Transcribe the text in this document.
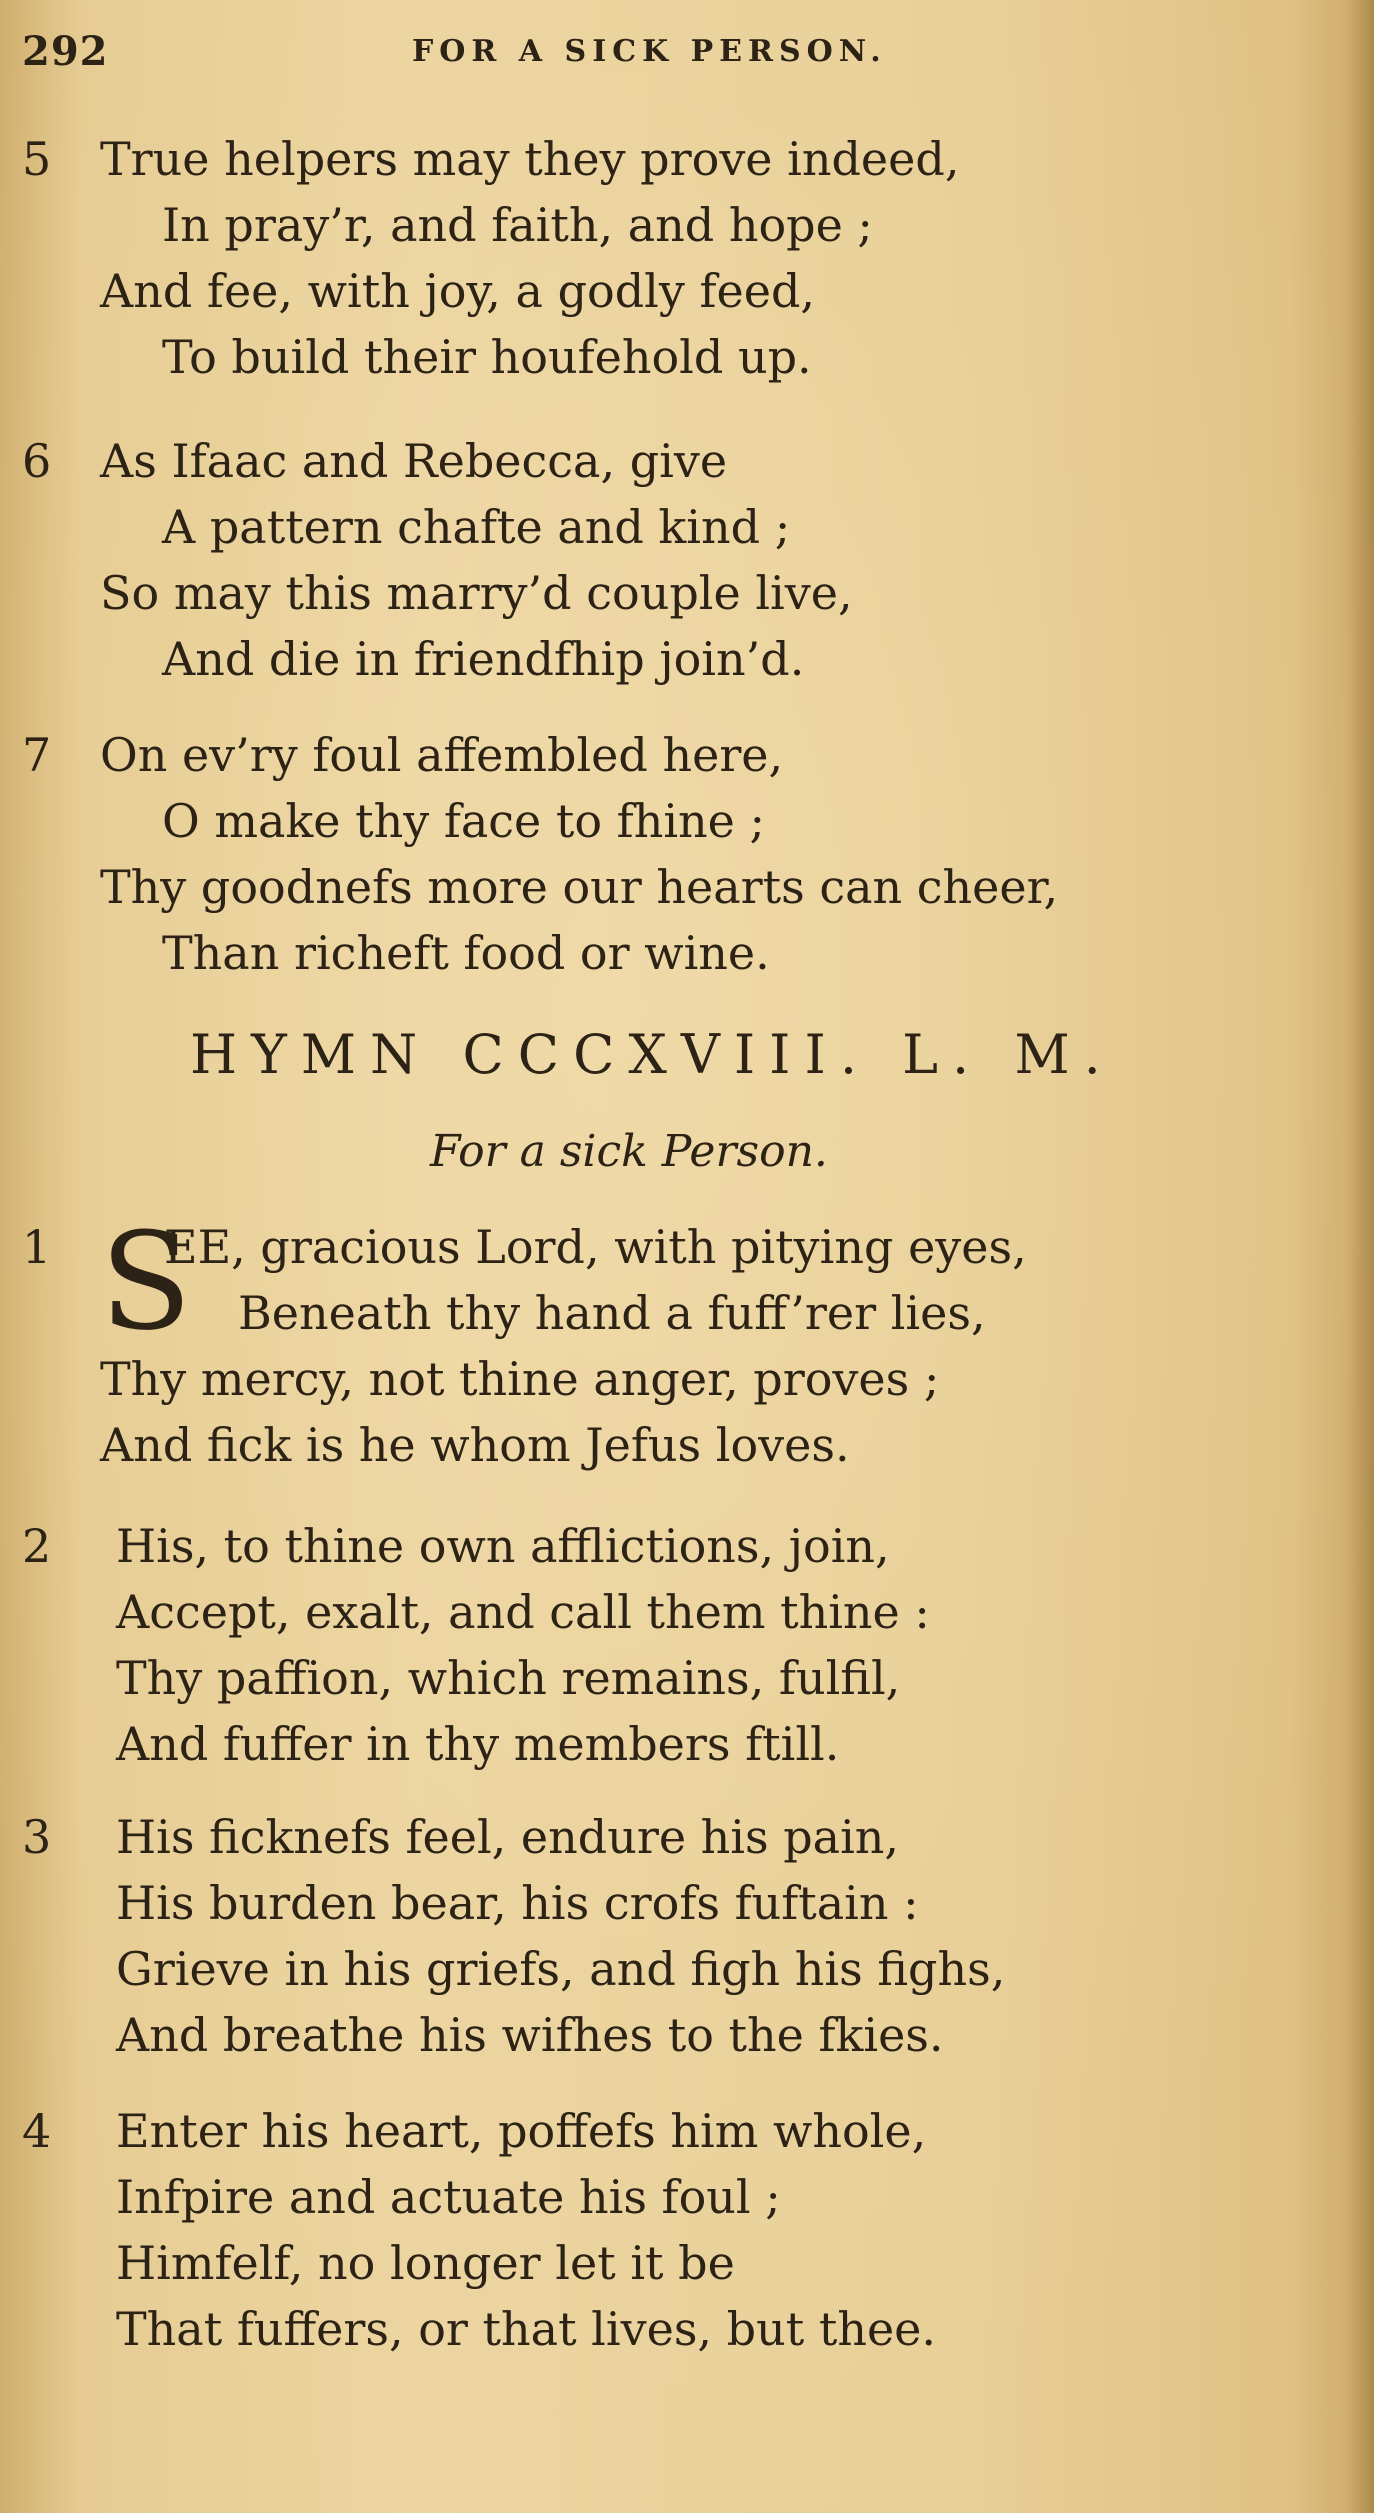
292	FOR A SICK PERSON.
5 True helpers may they prove indeed,
In pray’r, and faith, and hope ;
And fee, with joy, a godly feed,
To build their houfehold up.
6 As Ifaac and Rebecca, give
A pattern chafte and kind ;
So may this marry’d couple live,
And die in friendfhip join’d.
7 On ev’ry foul affembled here,
O make thy face to fhine ;
Thy goodnefs more our hearts can cheer,
Than richeft food or wine.
HYMN CCCXVIII. L. M.
For a sick Person.
1 S
EE, gracious Lord, with pitying eyes,
Beneath thy hand a fuff’rer lies,
Thy mercy, not thine anger, proves ;
And fick is he whom Jefus loves.
2 His, to thine own afflictions, join,
Accept, exalt, and call them thine :
Thy paffion, which remains, fulfil,
And fuffer in thy members ftill.
3 His ficknefs feel, endure his pain,
His burden bear, his crofs fuftain :
Grieve in his griefs, and figh his fighs,
And breathe his wifhes to the fkies.
4 Enter his heart, poffefs him whole,
Infpire and actuate his foul ;
Himfelf, no longer let it be
That fuffers, or that lives, but thee.
